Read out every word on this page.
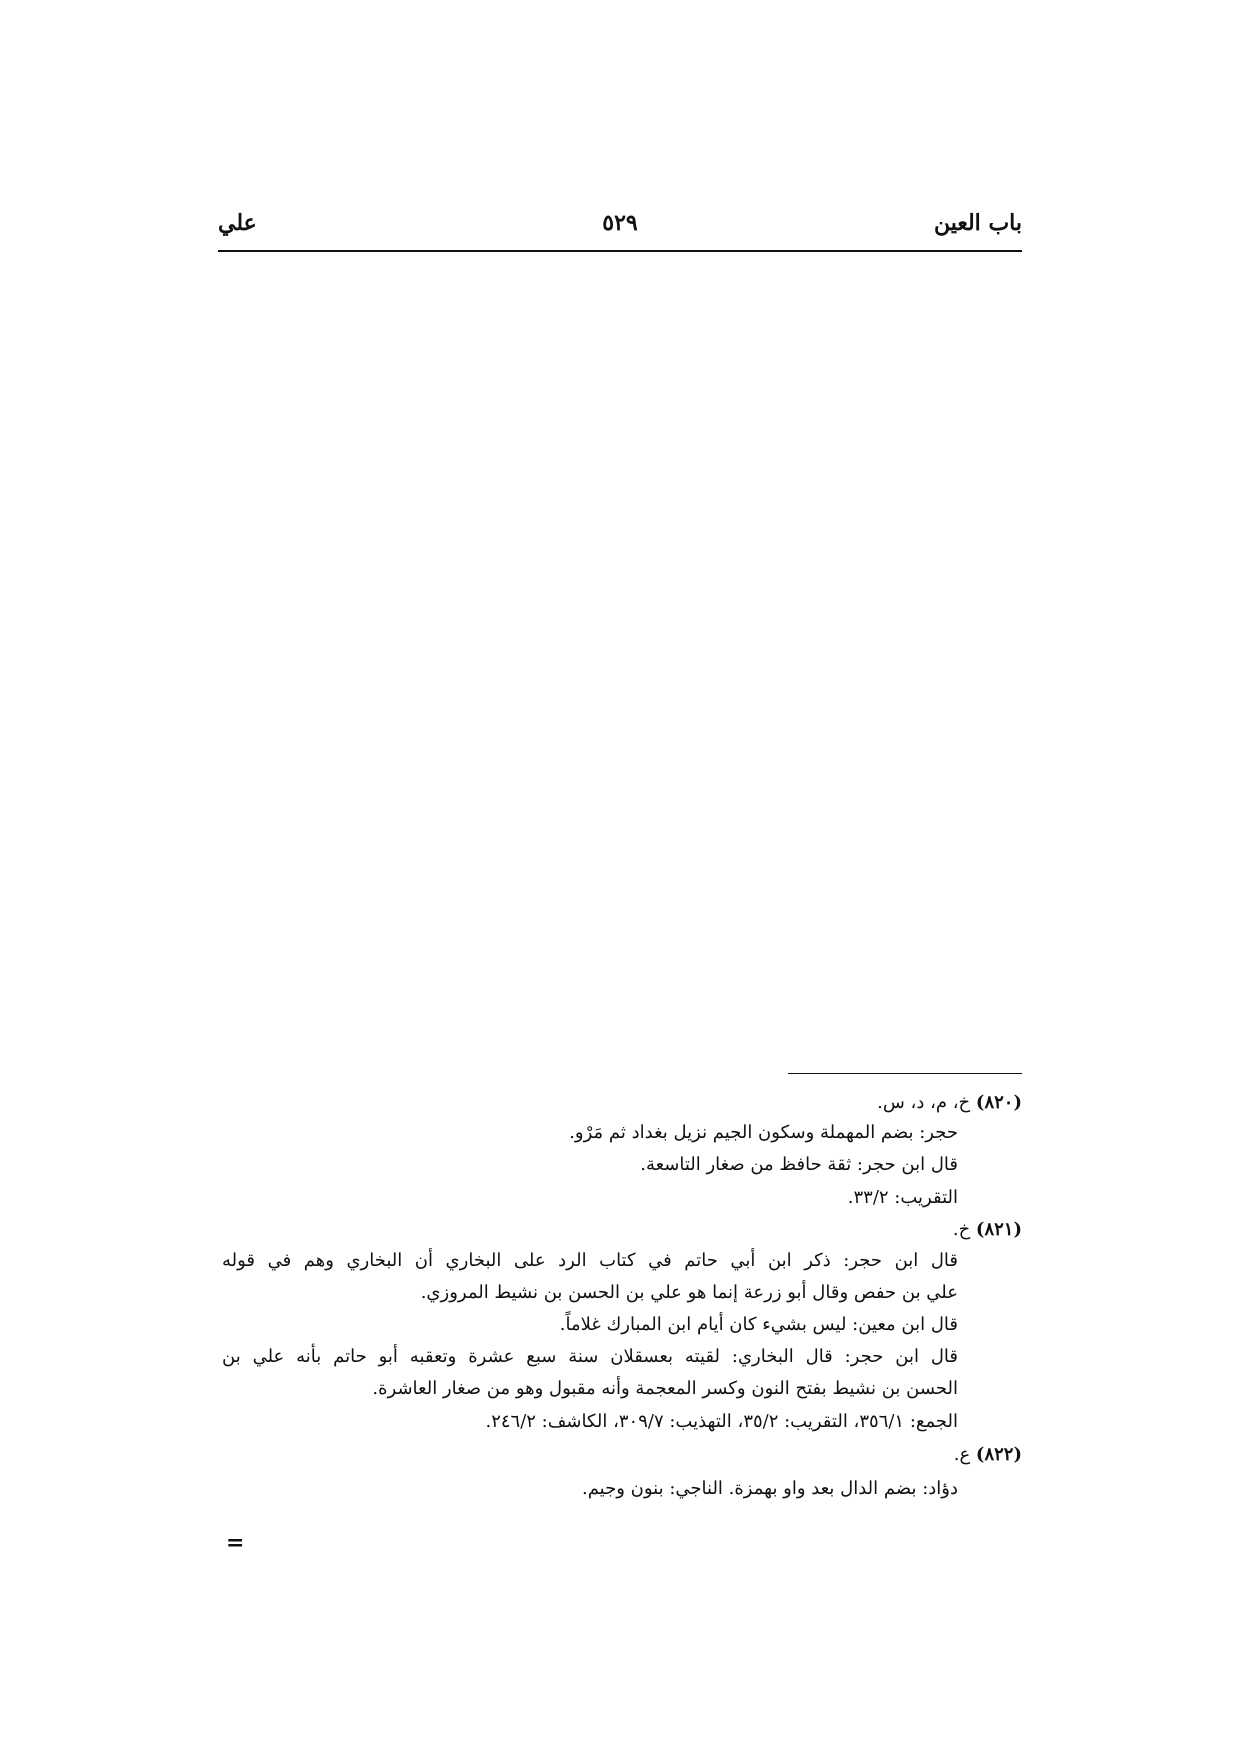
باب العين
٥٢٩
علي
(٨٢٠) خ، م، د، س.
حجر: بضم المهملة وسكون الجيم نزيل بغداد ثم مَرْو.
قال ابن حجر: ثقة حافظ من صغار التاسعة.
التقريب: ٣٣/٢.
(٨٢١) خ.
قال ابن حجر: ذكر ابن أبي حاتم في كتاب الرد على البخاري أن البخاري وهم في قوله
علي بن حفص وقال أبو زرعة إنما هو علي بن الحسن بن نشيط المروزي.
قال ابن معين: ليس بشيء كان أيام ابن المبارك غلاماً.
قال ابن حجر: قال البخاري: لقيته بعسقلان سنة سبع عشرة وتعقبه أبو حاتم بأنه علي بن
الحسن بن نشيط بفتح النون وكسر المعجمة وأنه مقبول وهو من صغار العاشرة.
الجمع: ٣٥٦/١، التقريب: ٣٥/٢، التهذيب: ٣٠٩/٧، الكاشف: ٢٤٦/٢.
(٨٢٢) ع.
دؤاد: بضم الدال بعد واو بهمزة. الناجي: بنون وجيم.
=
